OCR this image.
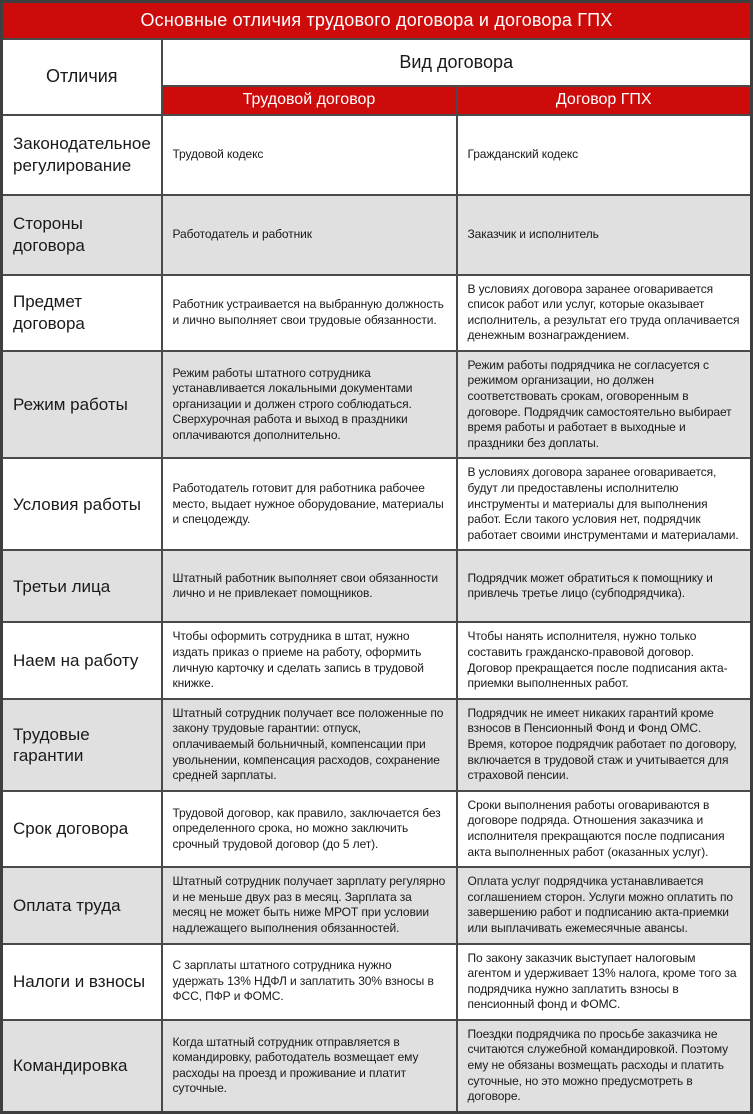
Основные отличия трудового договора и договора ГПХ		
Отличия	Вид договора	
	Трудовой договор	Договор ГПХ
Законодательное регулирование	Трудовой кодекс	Гражданский кодекс
Стороны договора	Работодатель и работник	Заказчик и исполнитель
Предмет договора	Работник устраивается на выбранную должность и лично выполняет свои трудовые обязанности.	В условиях договора заранее оговаривается список работ или услуг, которые оказывает исполнитель, а результат его труда оплачивается денежным вознаграждением.
Режим работы	Режим работы штатного сотрудника устанавливается локальными документами организации и должен строго соблюдаться. Сверхурочная работа и выход в праздники оплачиваются дополнительно.	Режим работы подрядчика не согласуется с режимом организации, но должен соответствовать срокам, оговоренным в договоре. Подрядчик самостоятельно выбирает время работы и работает в выходные и праздники без доплаты.
Условия работы	Работодатель готовит для работника рабочее место, выдает нужное оборудование, материалы и спецодежду.	В условиях договора заранее оговаривается, будут ли предоставлены исполнителю инструменты и материалы для выполнения работ. Если такого условия нет, подрядчик работает своими инструментами и материалами.
Третьи лица	Штатный работник выполняет свои обязанности лично и не привлекает помощников.	Подрядчик может обратиться к помощнику и привлечь третье лицо (субподрядчика).
Наем на работу	Чтобы оформить сотрудника в штат, нужно издать приказ о приеме на работу, оформить личную карточку и сделать запись в трудовой книжке.	Чтобы нанять исполнителя, нужно только составить гражданско-правовой договор. Договор прекращается после подписания акта-приемки выполненных работ.
Трудовые гарантии	Штатный сотрудник получает все положенные по закону трудовые гарантии: отпуск, оплачиваемый больничный, компенсации при увольнении, компенсация расходов, сохранение средней зарплаты.	Подрядчик не имеет никаких гарантий кроме взносов в Пенсионный Фонд и Фонд ОМС. Время, которое подрядчик работает по договору, включается в трудовой стаж и учитывается для страховой пенсии.
Срок договора	Трудовой договор, как правило, заключается без определенного срока, но можно заключить срочный трудовой договор (до 5 лет).	Сроки выполнения работы оговариваются в договоре подряда. Отношения заказчика и исполнителя прекращаются после подписания акта выполненных работ (оказанных услуг).
Оплата труда	Штатный сотрудник получает зарплату регулярно и не меньше двух раз в месяц. Зарплата за месяц не может быть ниже МРОТ при условии надлежащего выполнения обязанностей.	Оплата услуг подрядчика устанавливается соглашением сторон. Услуги можно оплатить по завершению работ и подписанию акта-приемки или выплачивать ежемесячные авансы.
Налоги и взносы	С зарплаты штатного сотрудника нужно удержать 13% НДФЛ и заплатить 30% взносы в ФСС, ПФР и ФОМС.	По закону заказчик выступает налоговым агентом и удерживает 13% налога, кроме того за подрядчика нужно заплатить взносы в пенсионный фонд и ФОМС.
Командировка	Когда штатный сотрудник отправляется в командировку, работодатель возмещает ему расходы на проезд и проживание и платит суточные.	Поездки подрядчика по просьбе заказчика не считаются служебной командировкой. Поэтому ему не обязаны возмещать расходы и платить суточные, но это можно предусмотреть в договоре.
